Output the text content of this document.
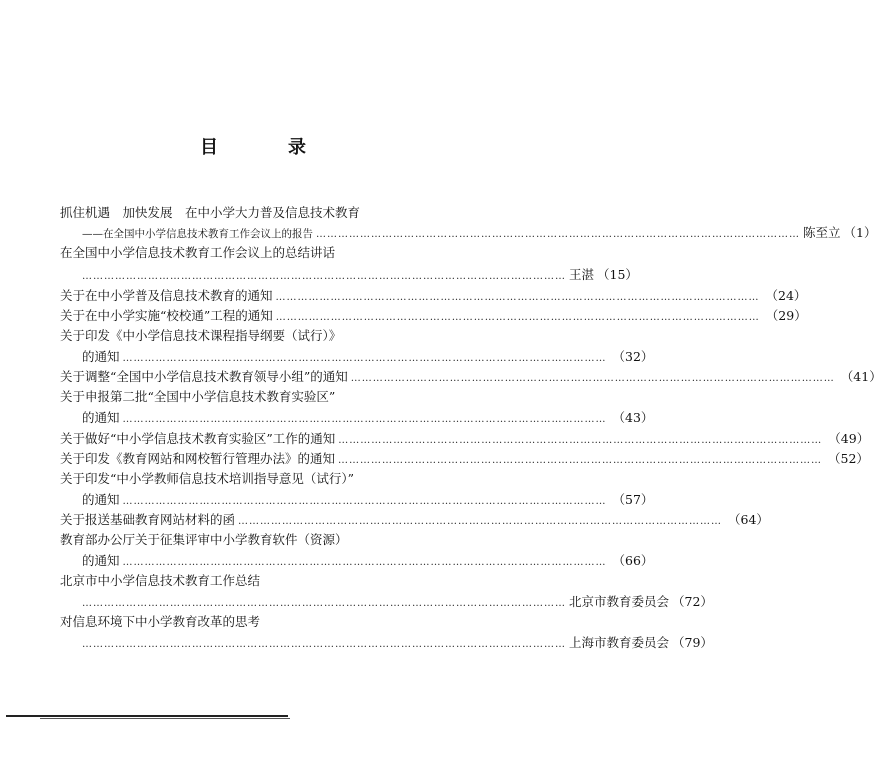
目　录
抓住机遇　加快发展　在中小学大力普及信息技术教育
——在全国中小学信息技术教育工作会议上的报告 …………………………………………………………………………………………………………………… 陈至立 （1）
在全国中小学信息技术教育工作会议上的总结讲话
…………………………………………………………………………………………………………………… 王湛 （15）
关于在中小学普及信息技术教育的通知 …………………………………………………………………………………………………………………… （24）
关于在中小学实施“校校通”工程的通知 …………………………………………………………………………………………………………………… （29）
关于印发《中小学信息技术课程指导纲要（试行）》
的通知 …………………………………………………………………………………………………………………… （32）
关于调整“全国中小学信息技术教育领导小组”的通知 …………………………………………………………………………………………………………………… （41）
关于申报第二批“全国中小学信息技术教育实验区”
的通知 …………………………………………………………………………………………………………………… （43）
关于做好“中小学信息技术教育实验区”工作的通知 …………………………………………………………………………………………………………………… （49）
关于印发《教育网站和网校暂行管理办法》的通知 …………………………………………………………………………………………………………………… （52）
关于印发“中小学教师信息技术培训指导意见（试行）”
的通知 …………………………………………………………………………………………………………………… （57）
关于报送基础教育网站材料的函 …………………………………………………………………………………………………………………… （64）
教育部办公厅关于征集评审中小学教育软件（资源）
的通知 …………………………………………………………………………………………………………………… （66）
北京市中小学信息技术教育工作总结
…………………………………………………………………………………………………………………… 北京市教育委员会 （72）
对信息环境下中小学教育改革的思考
…………………………………………………………………………………………………………………… 上海市教育委员会 （79）
